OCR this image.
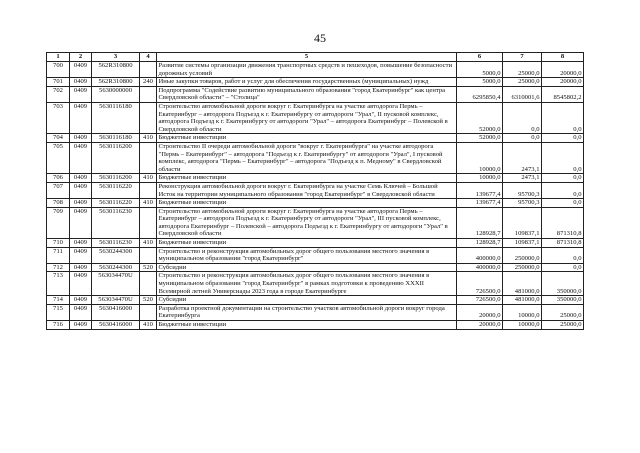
45
1	2	3	4	5	6	7	8
700	0409	562R310800		Развитие системы организации движения транспортных средств и пешеходов, повышение безопасности дорожных условий	5000,0	25000,0	20000,0
701	0409	562R310800	240	Иные закупки товаров, работ и услуг для обеспечения государственных (муниципальных) нужд	5000,0	25000,0	20000,0
702	0409	5630000000		Подпрограмма "Содействие развитию муниципального образования "город Екатеринбург" как центра Свердловской области" – "Столица"	6295850,4	6310001,6	8545802,2
703	0409	5630116180		Строительство автомобильной дороги вокруг г. Екатеринбурга на участке автодорога Пермь – Екатеринбург – автодорога Подъезд к г. Екатеринбургу от автодороги "Урал", II пусковой комплекс, автодорога Подъезд к г. Екатеринбургу от автодороги "Урал" – автодорога Екатеринбург – Полевской в Свердловской области	52000,0	0,0	0,0
704	0409	5630116180	410	Бюджетные инвестиции	52000,0	0,0	0,0
705	0409	5630116200		Строительство II очереди автомобильной дороги "вокруг г. Екатеринбурга" на участке автодорога "Пермь – Екатеринбург" – автодорога "Подъезд к г. Екатеринбургу" от автодороги "Урал", I пусковой комплекс, автодорога "Пермь – Екатеринбург" – автодорога "Подъезд к п. Медному" в Свердловской области	10000,0	2473,1	0,0
706	0409	5630116200	410	Бюджетные инвестиции	10000,0	2473,1	0,0
707	0409	5630116220		Реконструкция автомобильной дороги вокруг г. Екатеринбурга на участке Семь Ключей – Большой Исток на территории муниципального образования "город Екатеринбург" в Свердловской области	139677,4	95700,3	0,0
708	0409	5630116220	410	Бюджетные инвестиции	139677,4	95700,3	0,0
709	0409	5630116230		Строительство автомобильной дороги вокруг г. Екатеринбурга на участке автодорога Пермь – Екатеринбург – автодорога Подъезд к г. Екатеринбургу от автодороги "Урал", III пусковой комплекс, автодорога Екатеринбург – Полевской – автодорога Подъезд к г. Екатеринбургу от автодороги "Урал" в Свердловской области	128928,7	109837,1	871310,8
710	0409	5630116230	410	Бюджетные инвестиции	128928,7	109837,1	871310,8
711	0409	5630244300		Строительство и реконструкция автомобильных дорог общего пользования местного значения в муниципальном образовании "город Екатеринбург"	400000,0	250000,0	0,0
712	0409	5630244300	520	Субсидии	400000,0	250000,0	0,0
713	0409	563034470U		Строительство и реконструкция автомобильных дорог общего пользования местного значения в муниципальном образовании "город Екатеринбург" в рамках подготовки к проведению XXXII Всемирной летней Универсиады 2023 года в городе Екатеринбурге	726500,0	481000,0	350000,0
714	0409	563034470U	520	Субсидии	726500,0	481000,0	350000,0
715	0409	5630416000		Разработка проектной документации на строительство участков автомобильной дороги вокруг города Екатеринбурга	20000,0	10000,0	25000,0
716	0409	5630416000	410	Бюджетные инвестиции	20000,0	10000,0	25000,0
